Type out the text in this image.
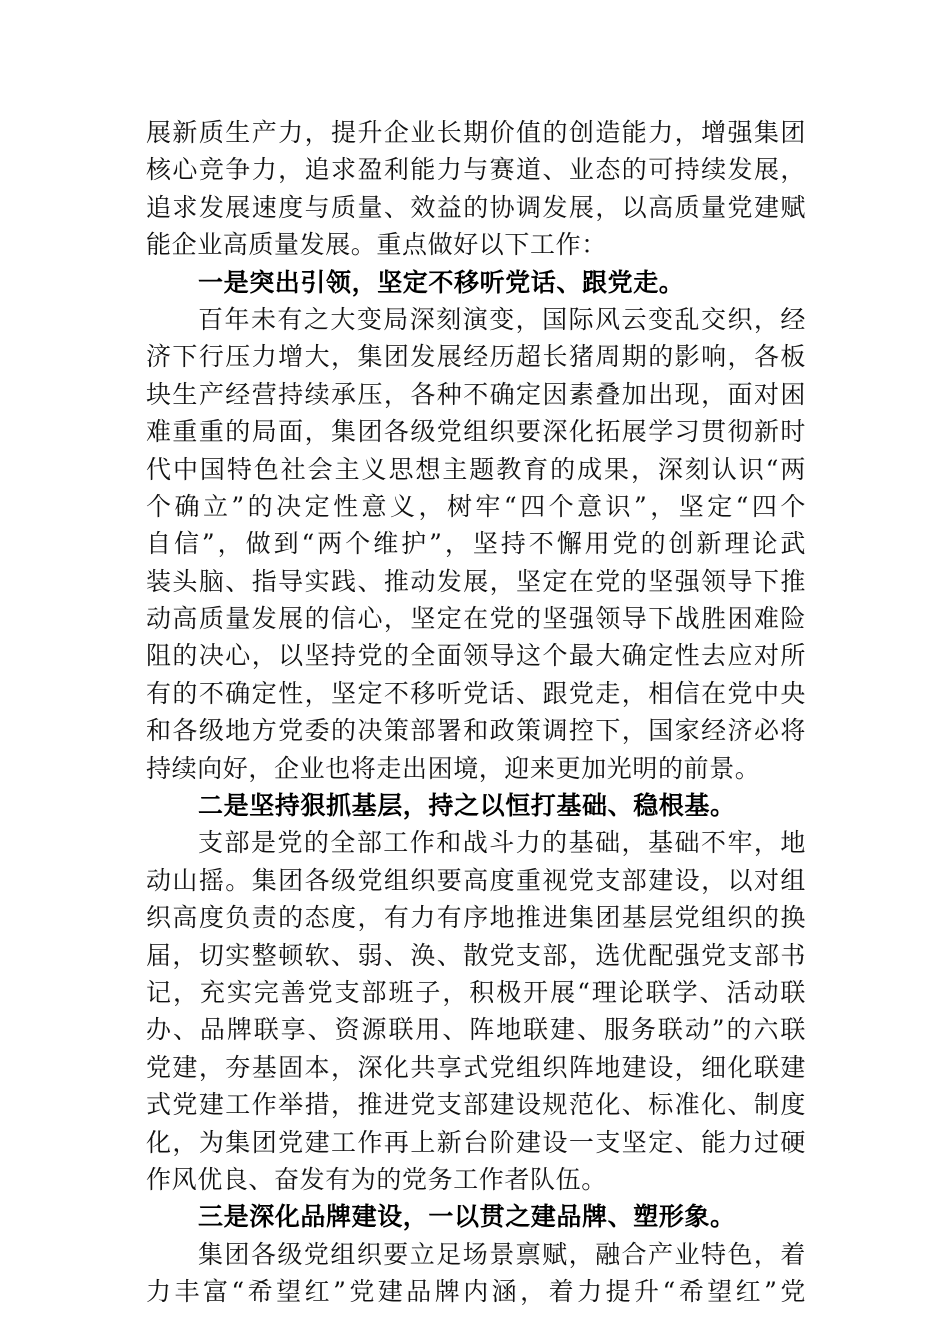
展新质生产力，提升企业长期价值的创造能力，增强集团
核心竞争力，追求盈利能力与赛道、业态的可持续发展，
追求发展速度与质量、效益的协调发展，以高质量党建赋
能企业高质量发展。重点做好以下工作：
一是突出引领，坚定不移听党话、跟党走。
百年未有之大变局深刻演变，国际风云变乱交织，经
济下行压力增大，集团发展经历超长猪周期的影响，各板
块生产经营持续承压，各种不确定因素叠加出现，面对困
难重重的局面，集团各级党组织要深化拓展学习贯彻新时
代中国特色社会主义思想主题教育的成果，深刻认识“两
个确立”的决定性意义，树牢“四个意识”，坚定“四个
自信”，做到“两个维护”，坚持不懈用党的创新理论武
装头脑、指导实践、推动发展，坚定在党的坚强领导下推
动高质量发展的信心，坚定在党的坚强领导下战胜困难险
阻的决心，以坚持党的全面领导这个最大确定性去应对所
有的不确定性，坚定不移听党话、跟党走，相信在党中央
和各级地方党委的决策部署和政策调控下，国家经济必将
持续向好，企业也将走出困境，迎来更加光明的前景。
二是坚持狠抓基层，持之以恒打基础、稳根基。
支部是党的全部工作和战斗力的基础，基础不牢，地
动山摇。集团各级党组织要高度重视党支部建设，以对组
织高度负责的态度，有力有序地推进集团基层党组织的换
届，切实整顿软、弱、涣、散党支部，选优配强党支部书
记，充实完善党支部班子，积极开展“理论联学、活动联
办、品牌联享、资源联用、阵地联建、服务联动”的六联
党建，夯基固本，深化共享式党组织阵地建设，细化联建
式党建工作举措，推进党支部建设规范化、标准化、制度
化，为集团党建工作再上新台阶建设一支坚定、能力过硬
作风优良、奋发有为的党务工作者队伍。
三是深化品牌建设，一以贯之建品牌、塑形象。
集团各级党组织要立足场景禀赋，融合产业特色，着
力丰富“希望红”党建品牌内涵，着力提升“希望红”党
